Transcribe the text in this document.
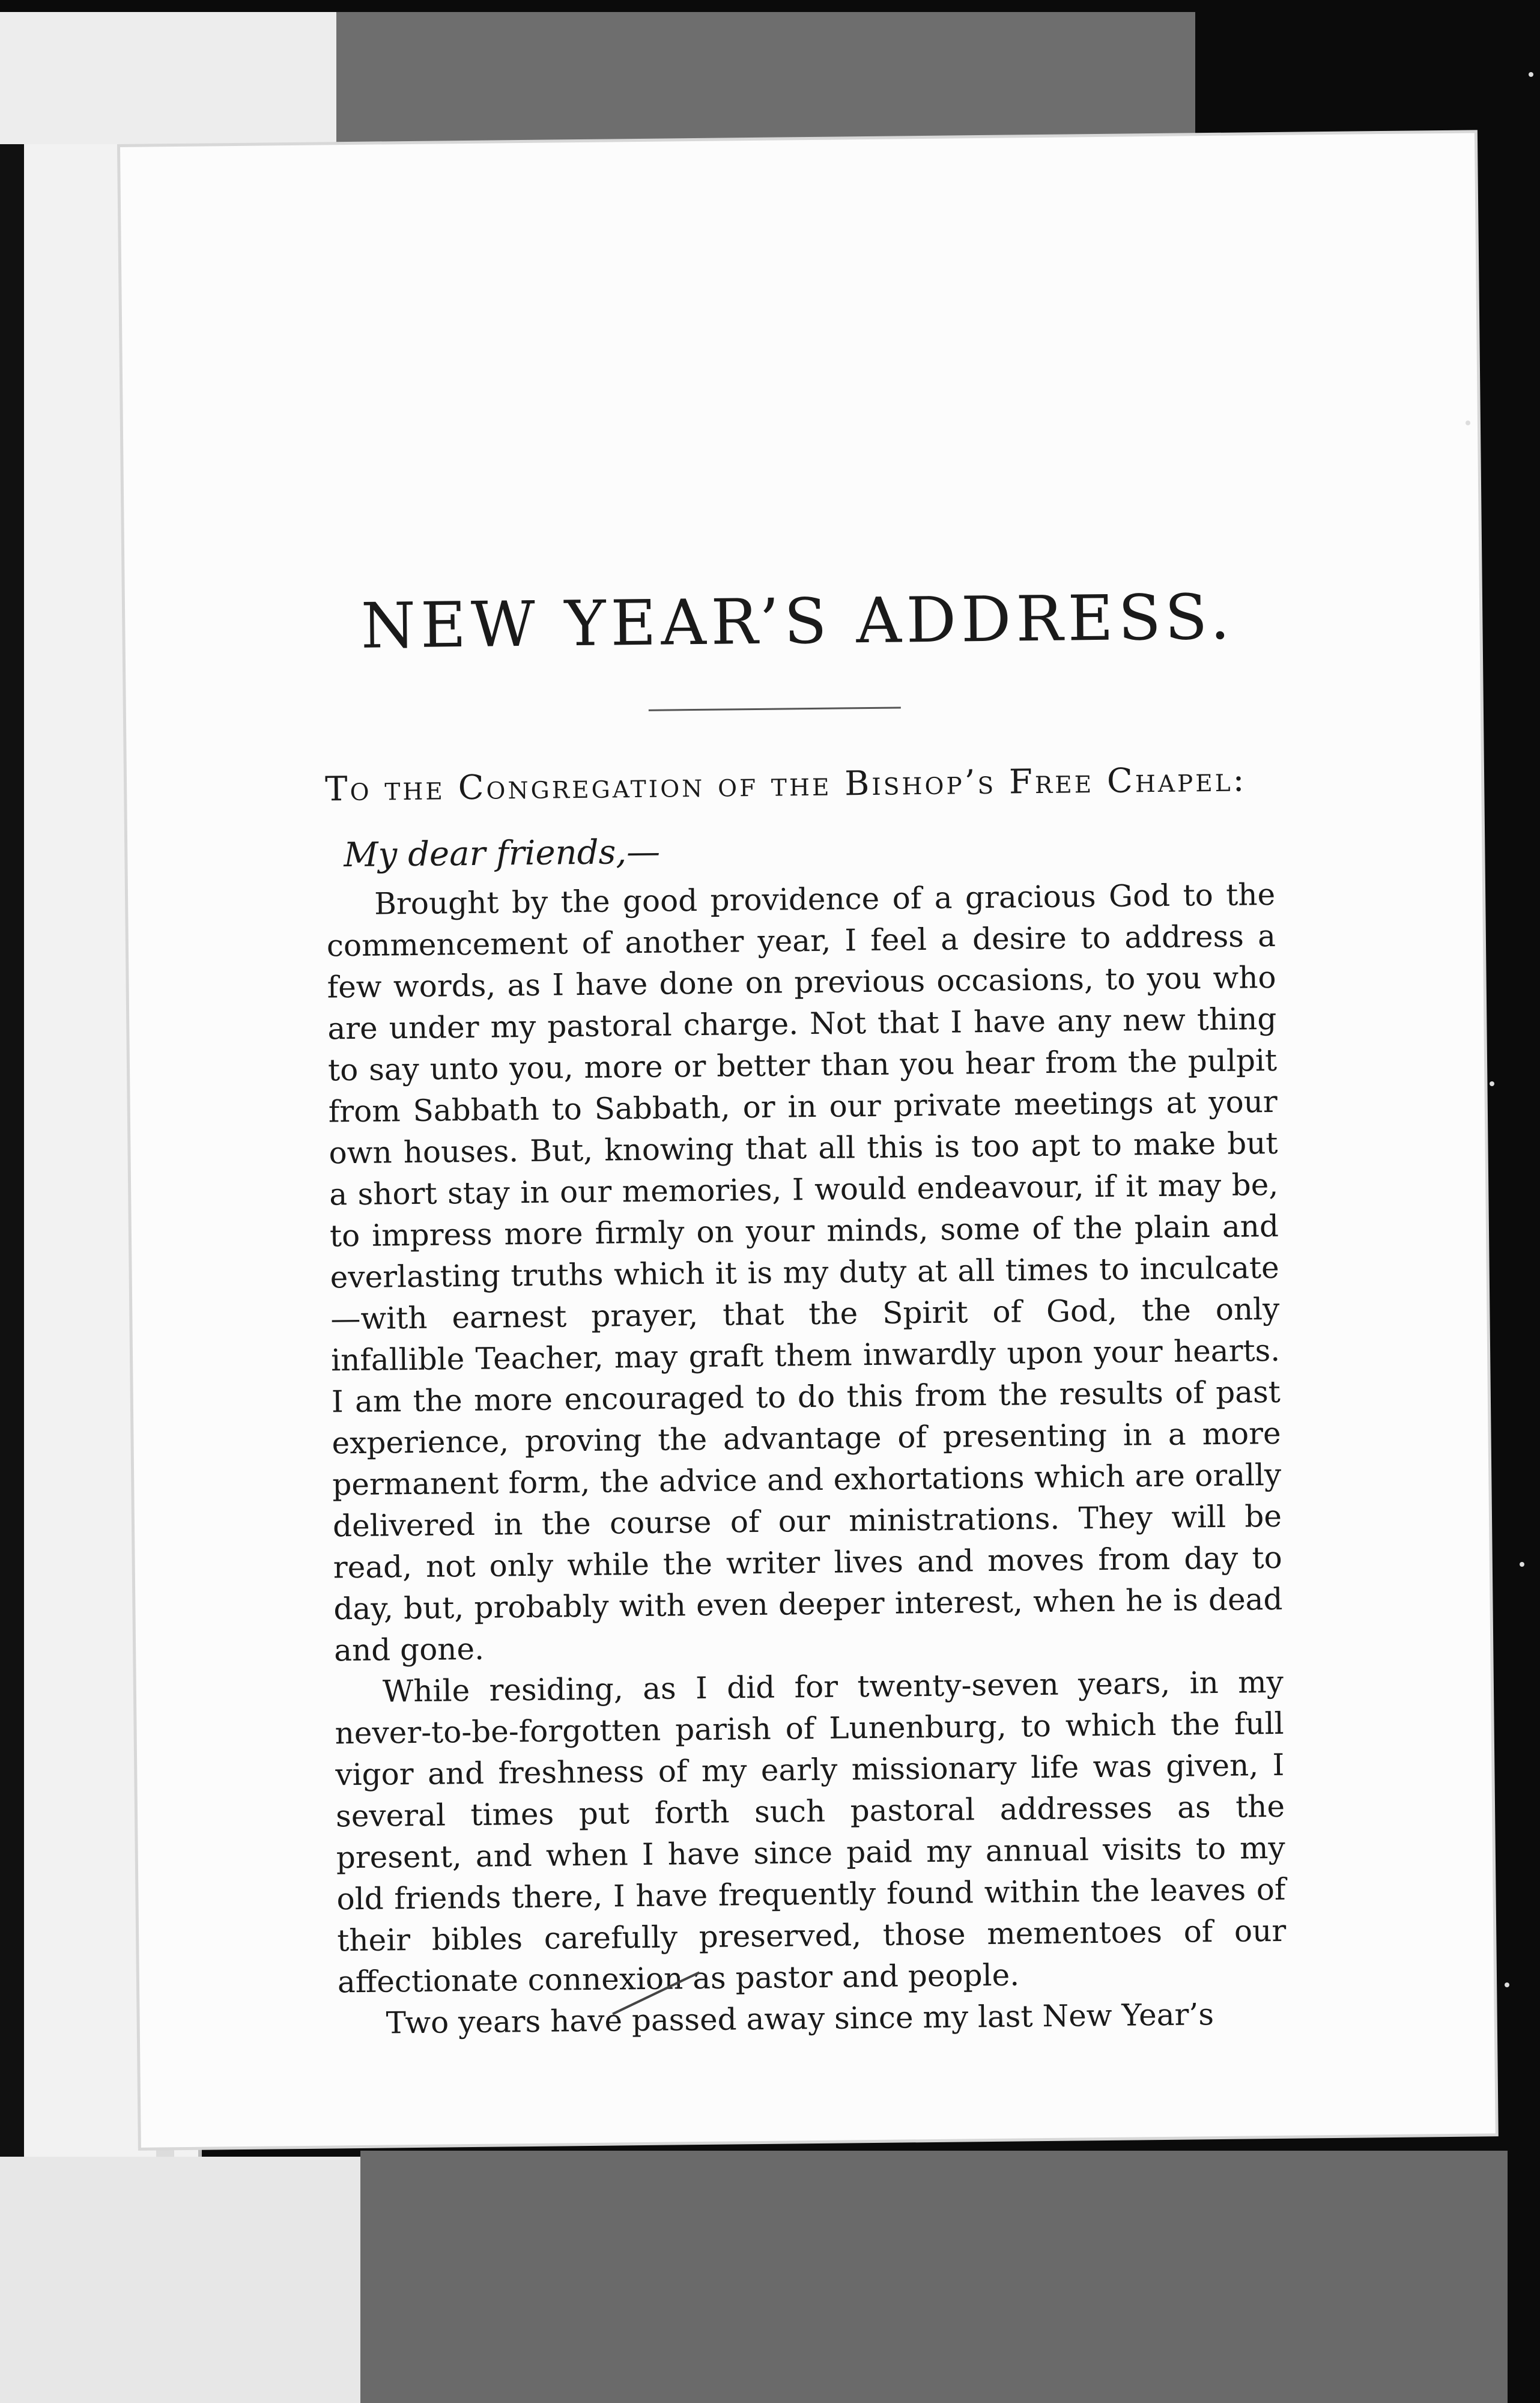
NEW YEAR’S ADDRESS.
To the Congregation of the Bishop’s Free Chapel:
My dear friends,—

Brought by the good providence of a gracious God to the commencement of another year, I feel a desire to address a few words, as I have done on previous occasions, to you who are under my pastoral charge. Not that I have any new thing to say unto you, more or better than you hear from the pulpit from Sabbath to Sabbath, or in our private meetings at your own houses. But, knowing that all this is too apt to make but a short stay in our memories, I would endeavour, if it may be, to impress more firmly on your minds, some of the plain and everlasting truths which it is my duty at all times to inculcate—with earnest prayer, that the Spirit of God, the only infallible Teacher, may graft them inwardly upon your hearts. I am the more encouraged to do this from the results of past experience, proving the advantage of presenting in a more permanent form, the advice and exhortations which are orally delivered in the course of our ministrations. They will be read, not only while the writer lives and moves from day to day, but, probably with even deeper interest, when he is dead and gone.

While residing, as I did for twenty-seven years, in my never-to-be-forgotten parish of Lunenburg, to which the full vigor and freshness of my early missionary life was given, I several times put forth such pastoral addresses as the present, and when I have since paid my annual visits to my old friends there, I have frequently found within the leaves of their bibles carefully preserved, those mementoes of our affectionate connexion as pastor and people.

Two years have passed away since my last New Year’s
